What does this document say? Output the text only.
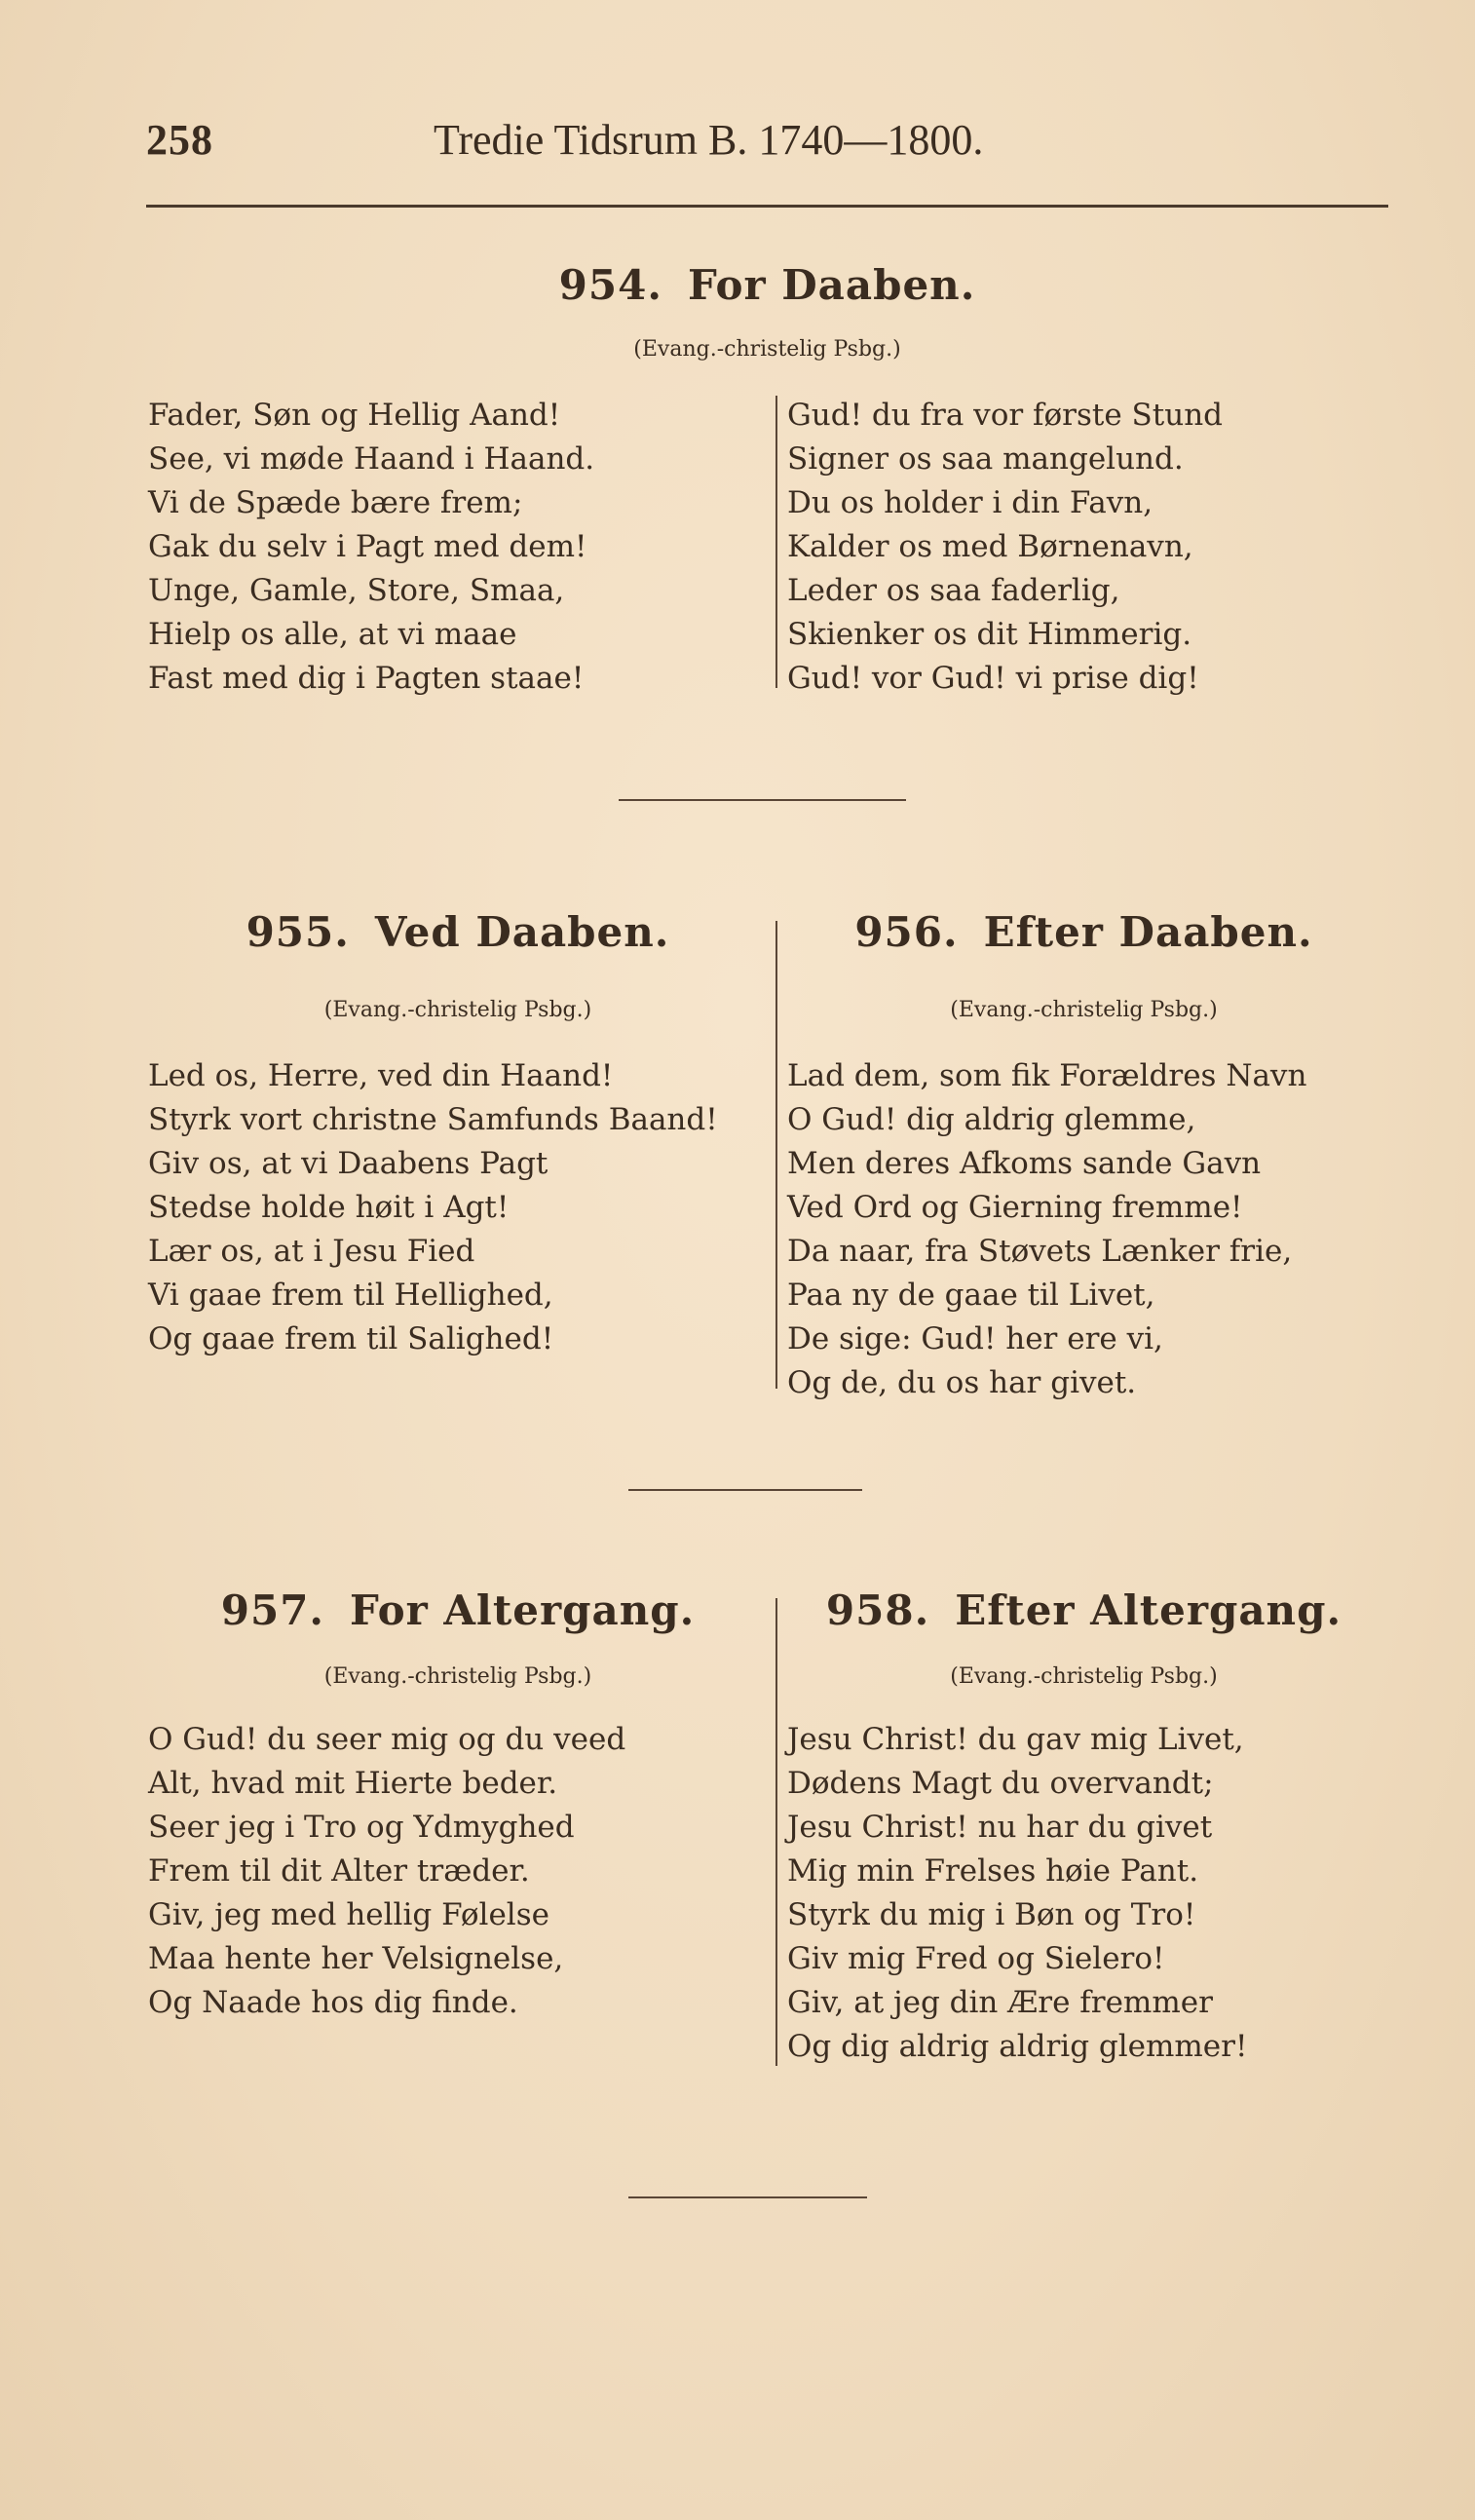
258	Tredie Tidsrum B. 1740—1800.
954. For Daaben.
(Evang.-christelig Psbg.)
Fader, Søn og Hellig Aand!
See, vi møde Haand i Haand.
Vi de Spæde bære frem;
Gak du selv i Pagt med dem!
Unge, Gamle, Store, Smaa,
Hielp os alle, at vi maae
Fast med dig i Pagten staae!
Gud! du fra vor første Stund
Signer os saa mangelund.
Du os holder i din Favn,
Kalder os med Børnenavn,
Leder os saa faderlig,
Skienker os dit Himmerig.
Gud! vor Gud! vi prise dig!
955. Ved Daaben.
(Evang.-christelig Psbg.)
Led os, Herre, ved din Haand!
Styrk vort christne Samfunds Baand!
Giv os, at vi Daabens Pagt
Stedse holde høit i Agt!
Lær os, at i Jesu Fied
Vi gaae frem til Hellighed,
Og gaae frem til Salighed!
956. Efter Daaben.
(Evang.-christelig Psbg.)
Lad dem, som fik Forældres Navn
O Gud! dig aldrig glemme,
Men deres Afkoms sande Gavn
Ved Ord og Gierning fremme!
Da naar, fra Støvets Lænker frie,
Paa ny de gaae til Livet,
De sige: Gud! her ere vi,
Og de, du os har givet.
957. For Altergang.
(Evang.-christelig Psbg.)
O Gud! du seer mig og du veed
Alt, hvad mit Hierte beder.
Seer jeg i Tro og Ydmyghed
Frem til dit Alter træder.
Giv, jeg med hellig Følelse
Maa hente her Velsignelse,
Og Naade hos dig finde.
958. Efter Altergang.
(Evang.-christelig Psbg.)
Jesu Christ! du gav mig Livet,
Dødens Magt du overvandt;
Jesu Christ! nu har du givet
Mig min Frelses høie Pant.
Styrk du mig i Bøn og Tro!
Giv mig Fred og Sielero!
Giv, at jeg din Ære fremmer
Og dig aldrig aldrig glemmer!
